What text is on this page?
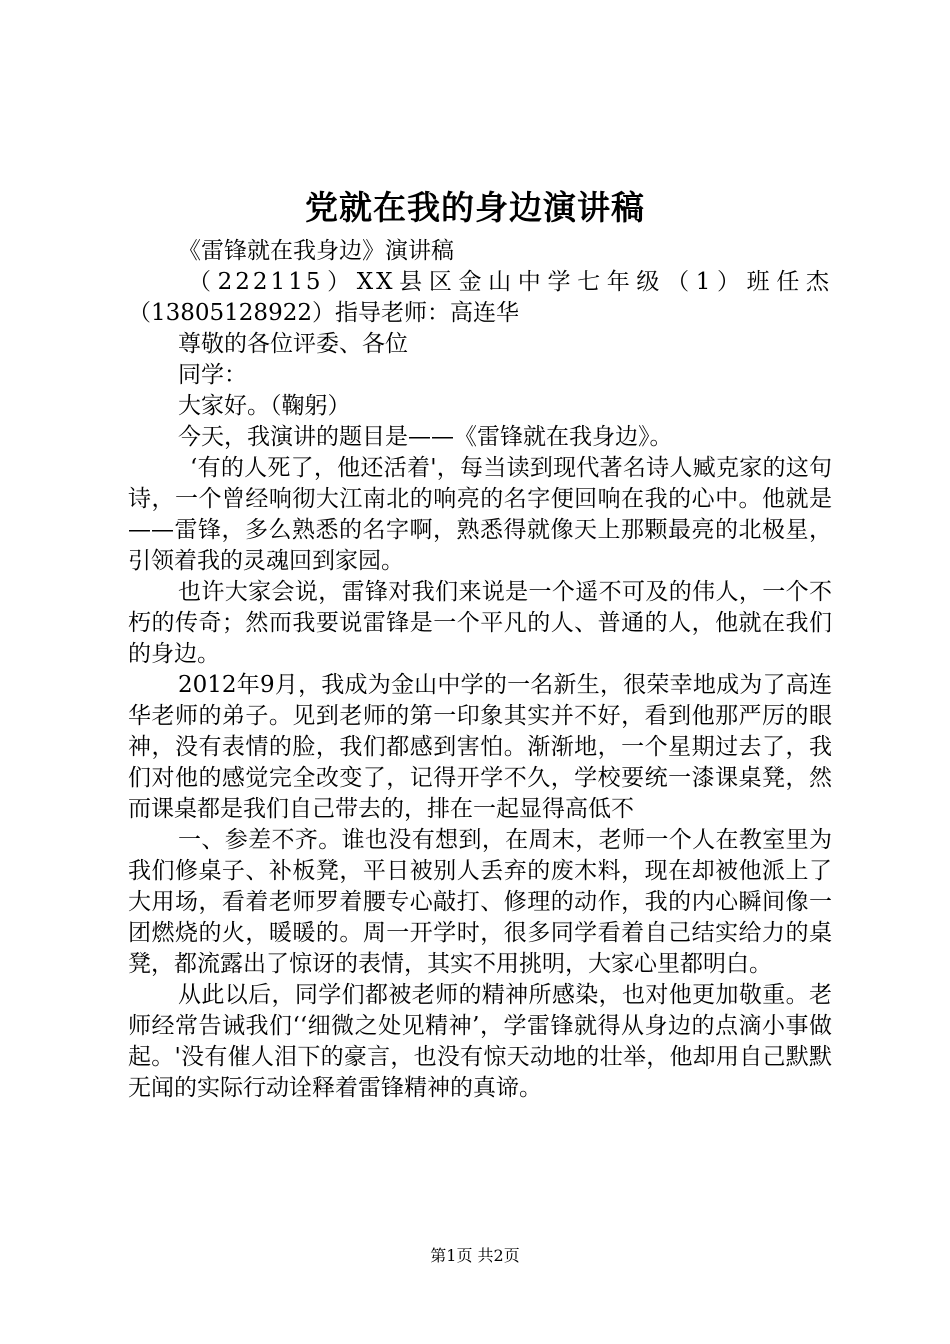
党就在我的身边演讲稿

《雷锋就在我身边》演讲稿

（222115）XX县区金山中学七年级（1）班任杰
（13805128922）指导老师：高连华

尊敬的各位评委、各位

同学：

大家好。（鞠躬）

今天，我演讲的题目是——《雷锋就在我身边》。

‘有的人死了，他还活着'，每当读到现代著名诗人臧克家的这句诗，一个曾经响彻大江南北的响亮的名字便回响在我的心中。他就是——雷锋，多么熟悉的名字啊，熟悉得就像天上那颗最亮的北极星，引领着我的灵魂回到家园。

也许大家会说，雷锋对我们来说是一个遥不可及的伟人，一个不朽的传奇；然而我要说雷锋是一个平凡的人、普通的人，他就在我们的身边。

2012年9月，我成为金山中学的一名新生，很荣幸地成为了高连华老师的弟子。见到老师的第一印象其实并不好，看到他那严厉的眼神，没有表情的脸，我们都感到害怕。渐渐地，一个星期过去了，我们对他的感觉完全改变了，记得开学不久，学校要统一漆课桌凳，然而课桌都是我们自己带去的，排在一起显得高低不

一、参差不齐。谁也没有想到，在周末，老师一个人在教室里为我们修桌子、补板凳，平日被别人丢弃的废木料，现在却被他派上了大用场，看着老师罗着腰专心敲打、修理的动作，我的内心瞬间像一团燃烧的火，暖暖的。周一开学时，很多同学看着自己结实给力的桌凳，都流露出了惊讶的表情，其实不用挑明，大家心里都明白。

从此以后，同学们都被老师的精神所感染，也对他更加敬重。老师经常告诫我们‘‘细微之处见精神’，学雷锋就得从身边的点滴小事做起。'没有催人泪下的豪言，也没有惊天动地的壮举，他却用自己默默无闻的实际行动诠释着雷锋精神的真谛。

第1页 共2页
